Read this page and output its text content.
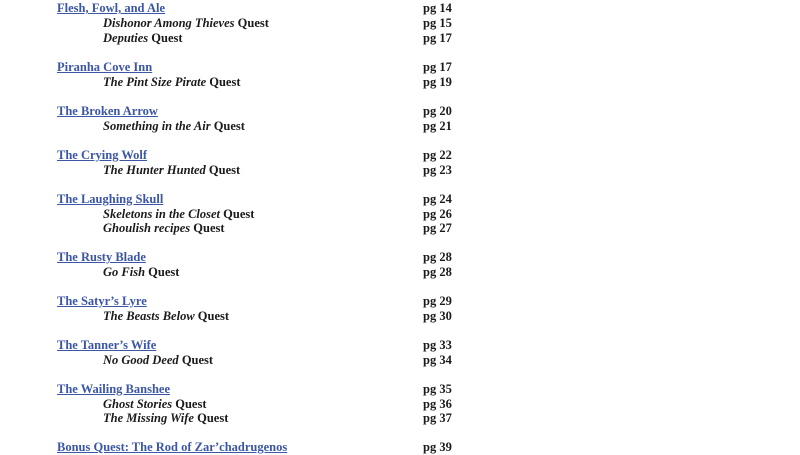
Flesh, Fowl, and Ale	pg 14
Dishonor Among Thieves Quest	pg 15
Deputies Quest	pg 17
Piranha Cove Inn	pg 17
The Pint Size Pirate Quest	pg 19
The Broken Arrow	pg 20
Something in the Air Quest	pg 21
The Crying Wolf	pg 22
The Hunter Hunted Quest	pg 23
The Laughing Skull	pg 24
Skeletons in the Closet Quest	pg 26
Ghoulish recipes Quest	pg 27
The Rusty Blade	pg 28
Go Fish Quest	pg 28
The Satyr’s Lyre	pg 29
The Beasts Below Quest	pg 30
The Tanner’s Wife	pg 33
No Good Deed Quest	pg 34
The Wailing Banshee	pg 35
Ghost Stories Quest	pg 36
The Missing Wife Quest	pg 37
Bonus Quest: The Rod of Zar’chadrugenos	pg 39
